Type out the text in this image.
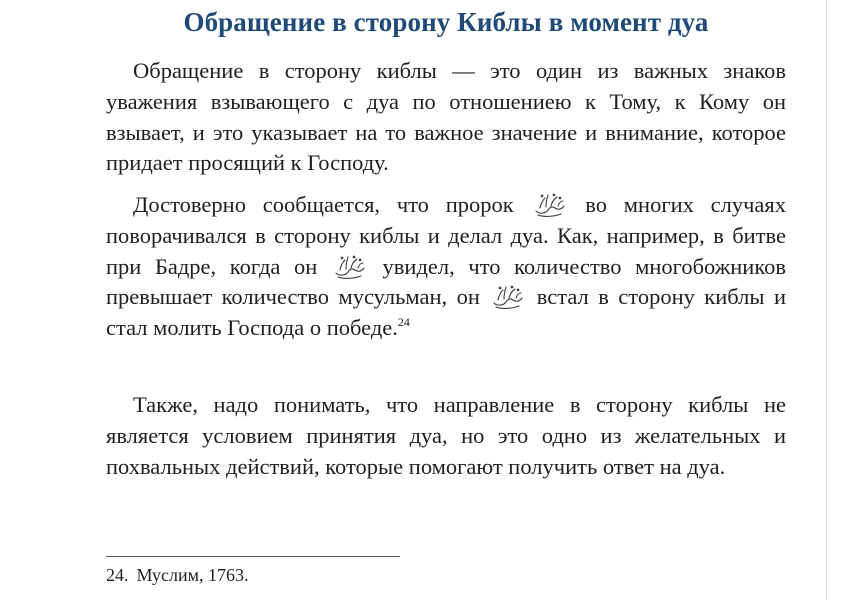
Обращение в сторону Киблы в момент дуа

Обращение в сторону киблы — это один из важных знаков уважения взывающего с дуа по отношениею к Тому, к Кому он взывает, и это указывает на то важное значение и внимание, которое придает просящий к Господу.

Достоверно сообщается, что пророк	во многих случаях поворачивался в сторону киблы и делал дуа. Как, например, в битве при Бадре, когда он	увидел, что количество многобожников превышает количество мусульман, он	встал в сторону киблы и стал молить Господа о победе.$^{24}$

Также, надо понимать, что направление в сторону киблы не является условием принятия дуа, но это одно из желательных и похвальных действий, которые помогают получить ответ на дуа.

24. Муслим, 1763.
